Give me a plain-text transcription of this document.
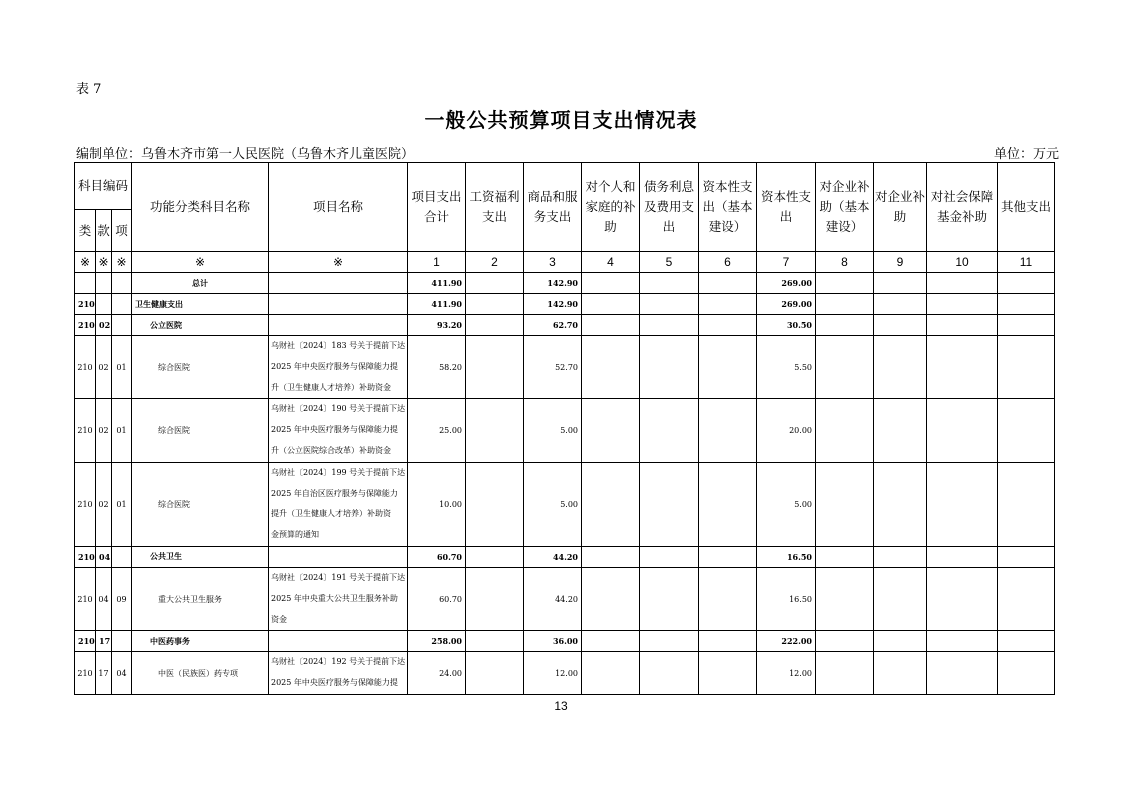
表 7
一般公共预算项目支出情况表
编制单位：乌鲁木齐市第一人民医院（乌鲁木齐儿童医院）	单位：万元
科目编码			功能分类科目名称	项目名称	项目支出合计	工资福利支出	商品和服务支出	对个人和家庭的补助	债务利息及费用支出	资本性支出（基本建设）	资本性支出	对企业补助（基本建设）	对企业补助	对社会保障基金补助	其他支出
类	款	项													
※	※	※	※	※	1	2	3	4	5	6	7	8	9	10	11
			总计		411.90		142.90				269.00				
210			卫生健康支出		411.90		142.90				269.00				
210	02		公立医院		93.20		62.70				30.50				
210	02	01	综合医院	乌财社〔2024〕183 号关于提前下达
2025 年中央医疗服务与保障能力提
升（卫生健康人才培养）补助资金	58.20		52.70				5.50				
210	02	01	综合医院	乌财社〔2024〕190 号关于提前下达
2025 年中央医疗服务与保障能力提
升（公立医院综合改革）补助资金	25.00		5.00				20.00				
210	02	01	综合医院	乌财社〔2024〕199 号关于提前下达
2025 年自治区医疗服务与保障能力
提升（卫生健康人才培养）补助资
金预算的通知	10.00		5.00				5.00				
210	04		公共卫生		60.70		44.20				16.50				
210	04	09	重大公共卫生服务	乌财社〔2024〕191 号关于提前下达
2025 年中央重大公共卫生服务补助
资金	60.70		44.20				16.50				
210	17		中医药事务		258.00		36.00				222.00				
210	17	04	中医（民族医）药专项	乌财社〔2024〕192 号关于提前下达
2025 年中央医疗服务与保障能力提	24.00		12.00				12.00				
13
